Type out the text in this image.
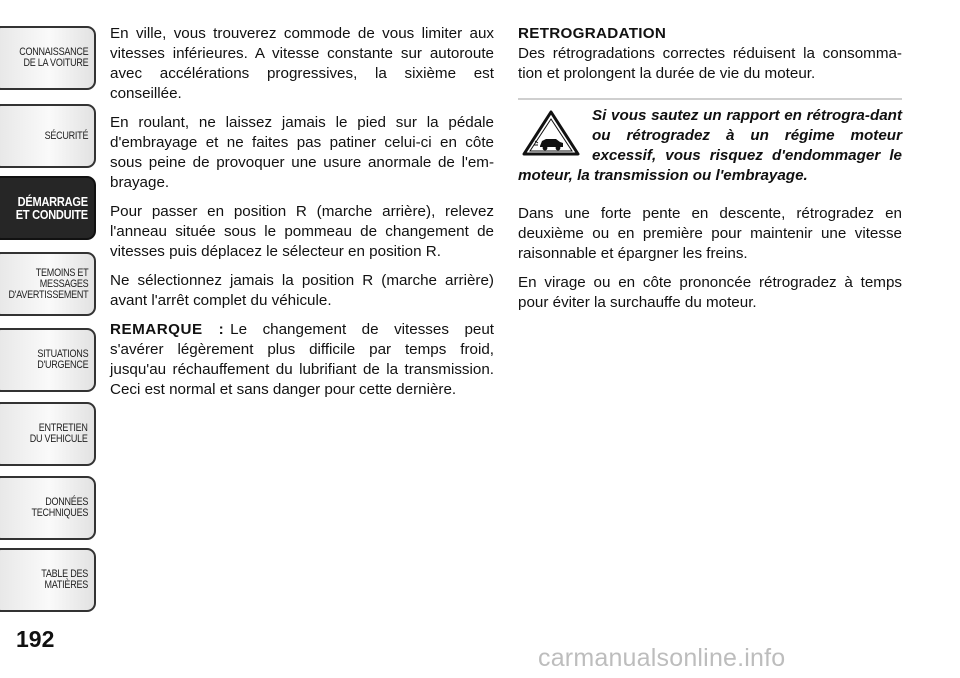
CONNAISSANCE
DE LA VOITURE
SÉCURITÉ
DÉMARRAGE
ET CONDUITE
TEMOINS ET
MESSAGES
D'AVERTISSEMENT
SITUATIONS
D'URGENCE
ENTRETIEN
DU VEHICULE
DONNÉES
TECHNIQUES
TABLE DES
MATIÈRES
192

En ville, vous trouverez commode de vous limiter aux vitesses inférieures. A vitesse constante sur autoroute avec accélérations progressives, la sixième est conseillée.

En roulant, ne laissez jamais le pied sur la pédale d'embrayage et ne faites pas patiner celui-ci en côte sous peine de provoquer une usure anormale de l'em-brayage.

Pour passer en position R (marche arrière), relevez l'anneau située sous le pommeau de changement de vitesses puis déplacez le sélecteur en position R.

Ne sélectionnez jamais la position R (marche arrière) avant l'arrêt complet du véhicule.

REMARQUE : Le changement de vitesses peut s'avérer légèrement plus difficile par temps froid, jusqu'au réchauffement du lubrifiant de la transmission. Ceci est normal et sans danger pour cette dernière.

RETROGRADATION

Des rétrogradations correctes réduisent la consomma-tion et prolongent la durée de vie du moteur.

Si vous sautez un rapport en rétrogra-dant ou rétrogradez à un régime moteur excessif, vous risquez d'endommager le moteur, la transmission ou l'embrayage.

Dans une forte pente en descente, rétrogradez en deuxième ou en première pour maintenir une vitesse raisonnable et épargner les freins.

En virage ou en côte prononcée rétrogradez à temps pour éviter la surchauffe du moteur.

carmanualsonline.info
